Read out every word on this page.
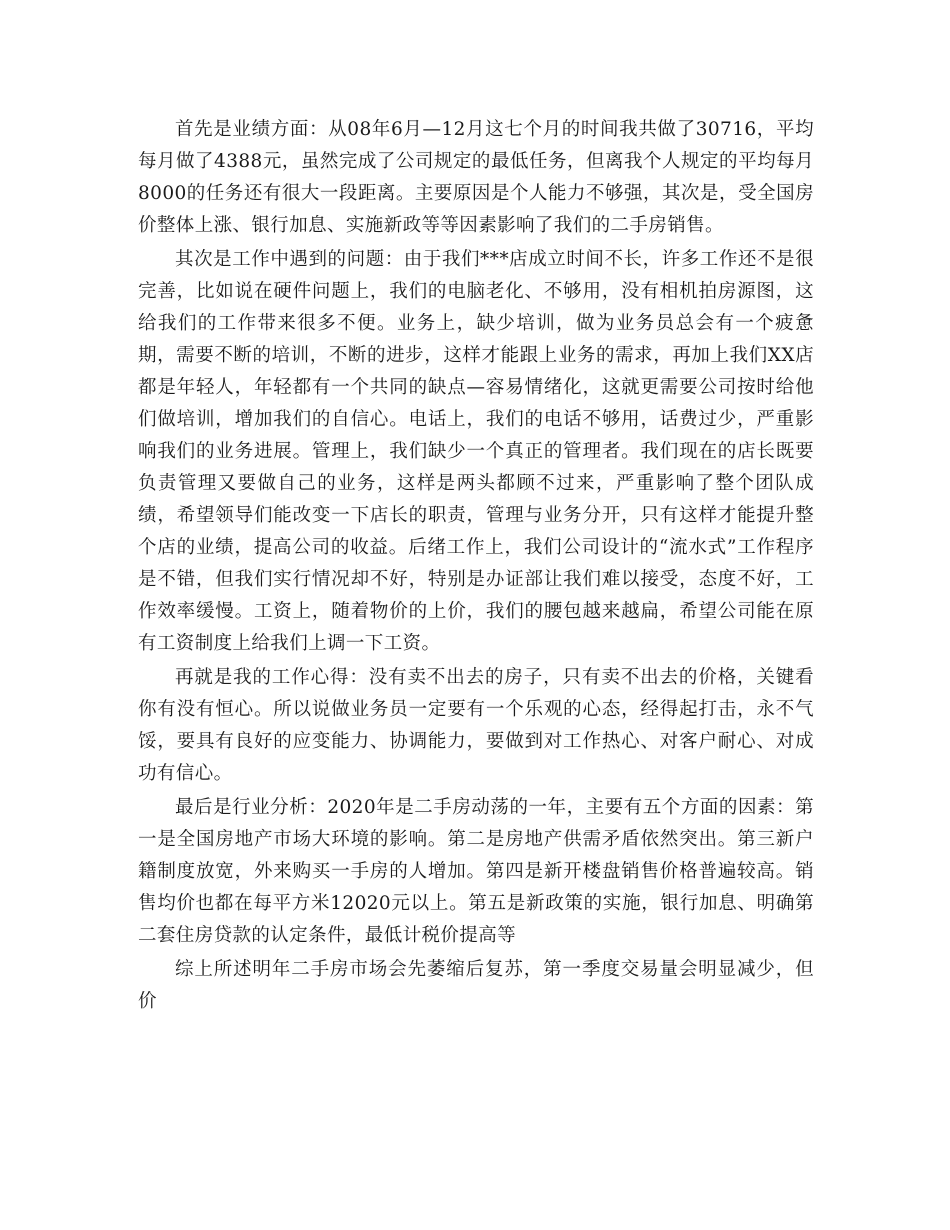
首先是业绩方面：从08年6月—12月这七个月的时间我共做了30716，平均每月做了4388元，虽然完成了公司规定的最低任务，但离我个人规定的平均每月8000的任务还有很大一段距离。主要原因是个人能力不够强，其次是，受全国房价整体上涨、银行加息、实施新政等等因素影响了我们的二手房销售。

其次是工作中遇到的问题：由于我们***店成立时间不长，许多工作还不是很完善，比如说在硬件问题上，我们的电脑老化、不够用，没有相机拍房源图，这给我们的工作带来很多不便。业务上，缺少培训，做为业务员总会有一个疲惫期，需要不断的培训，不断的进步，这样才能跟上业务的需求，再加上我们XX店都是年轻人，年轻都有一个共同的缺点—容易情绪化，这就更需要公司按时给他们做培训，增加我们的自信心。电话上，我们的电话不够用，话费过少，严重影响我们的业务进展。管理上，我们缺少一个真正的管理者。我们现在的店长既要负责管理又要做自己的业务，这样是两头都顾不过来，严重影响了整个团队成绩，希望领导们能改变一下店长的职责，管理与业务分开，只有这样才能提升整个店的业绩，提高公司的收益。后绪工作上，我们公司设计的“流水式”工作程序是不错，但我们实行情况却不好，特别是办证部让我们难以接受，态度不好，工作效率缓慢。工资上，随着物价的上价，我们的腰包越来越扁，希望公司能在原有工资制度上给我们上调一下工资。

再就是我的工作心得：没有卖不出去的房子，只有卖不出去的价格，关键看你有没有恒心。所以说做业务员一定要有一个乐观的心态，经得起打击，永不气馁，要具有良好的应变能力、协调能力，要做到对工作热心、对客户耐心、对成功有信心。

最后是行业分析：2020年是二手房动荡的一年，主要有五个方面的因素：第一是全国房地产市场大环境的影响。第二是房地产供需矛盾依然突出。第三新户籍制度放宽，外来购买一手房的人增加。第四是新开楼盘销售价格普遍较高。销售均价也都在每平方米12020元以上。第五是新政策的实施，银行加息、明确第二套住房贷款的认定条件，最低计税价提高等

综上所述明年二手房市场会先萎缩后复苏，第一季度交易量会明显减少，但价
